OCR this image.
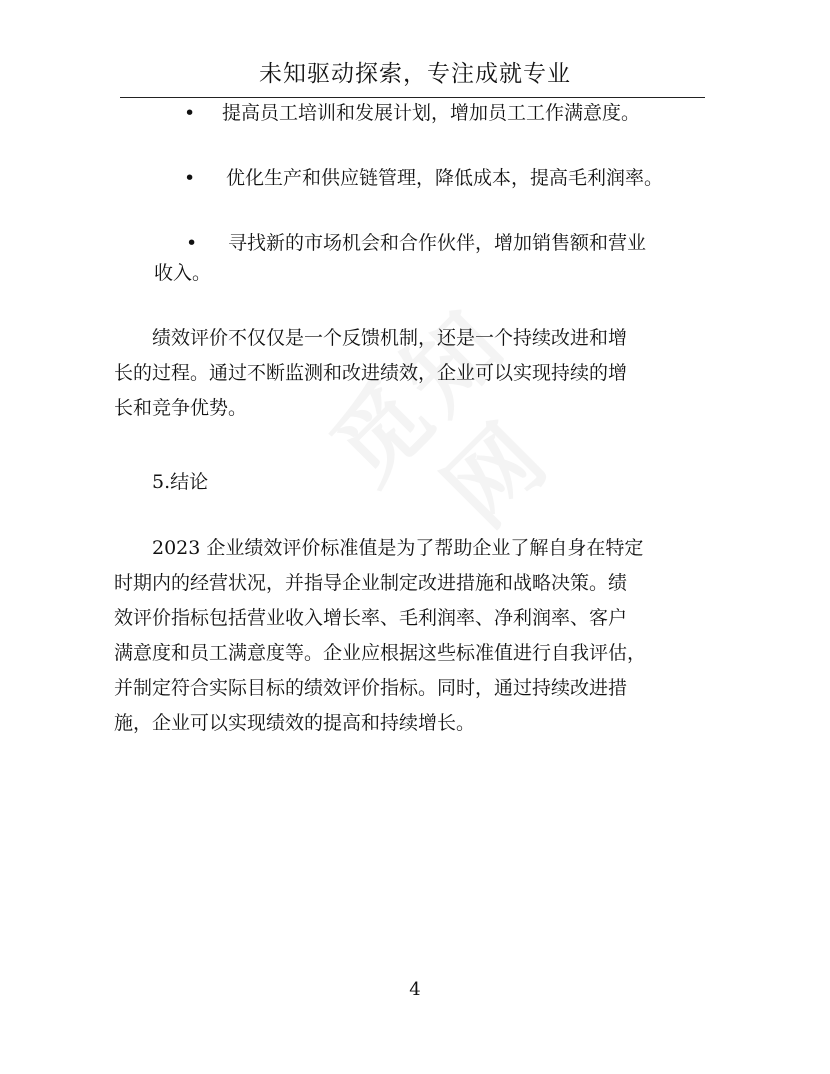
未知驱动探索，专注成就专业
• 提高员工培训和发展计划，增加员工工作满意度。
• 优化生产和供应链管理，降低成本，提高毛利润率。
• 寻找新的市场机会和合作伙伴，增加销售额和营业
收入。
绩效评价不仅仅是一个反馈机制，还是一个持续改进和增
长的过程。通过不断监测和改进绩效，企业可以实现持续的增
长和竞争优势。
5.结论
2023 企业绩效评价标准值是为了帮助企业了解自身在特定
时期内的经营状况，并指导企业制定改进措施和战略决策。绩
效评价指标包括营业收入增长率、毛利润率、净利润率、客户
满意度和员工满意度等。企业应根据这些标准值进行自我评估，
并制定符合实际目标的绩效评价指标。同时，通过持续改进措
施，企业可以实现绩效的提高和持续增长。
4
